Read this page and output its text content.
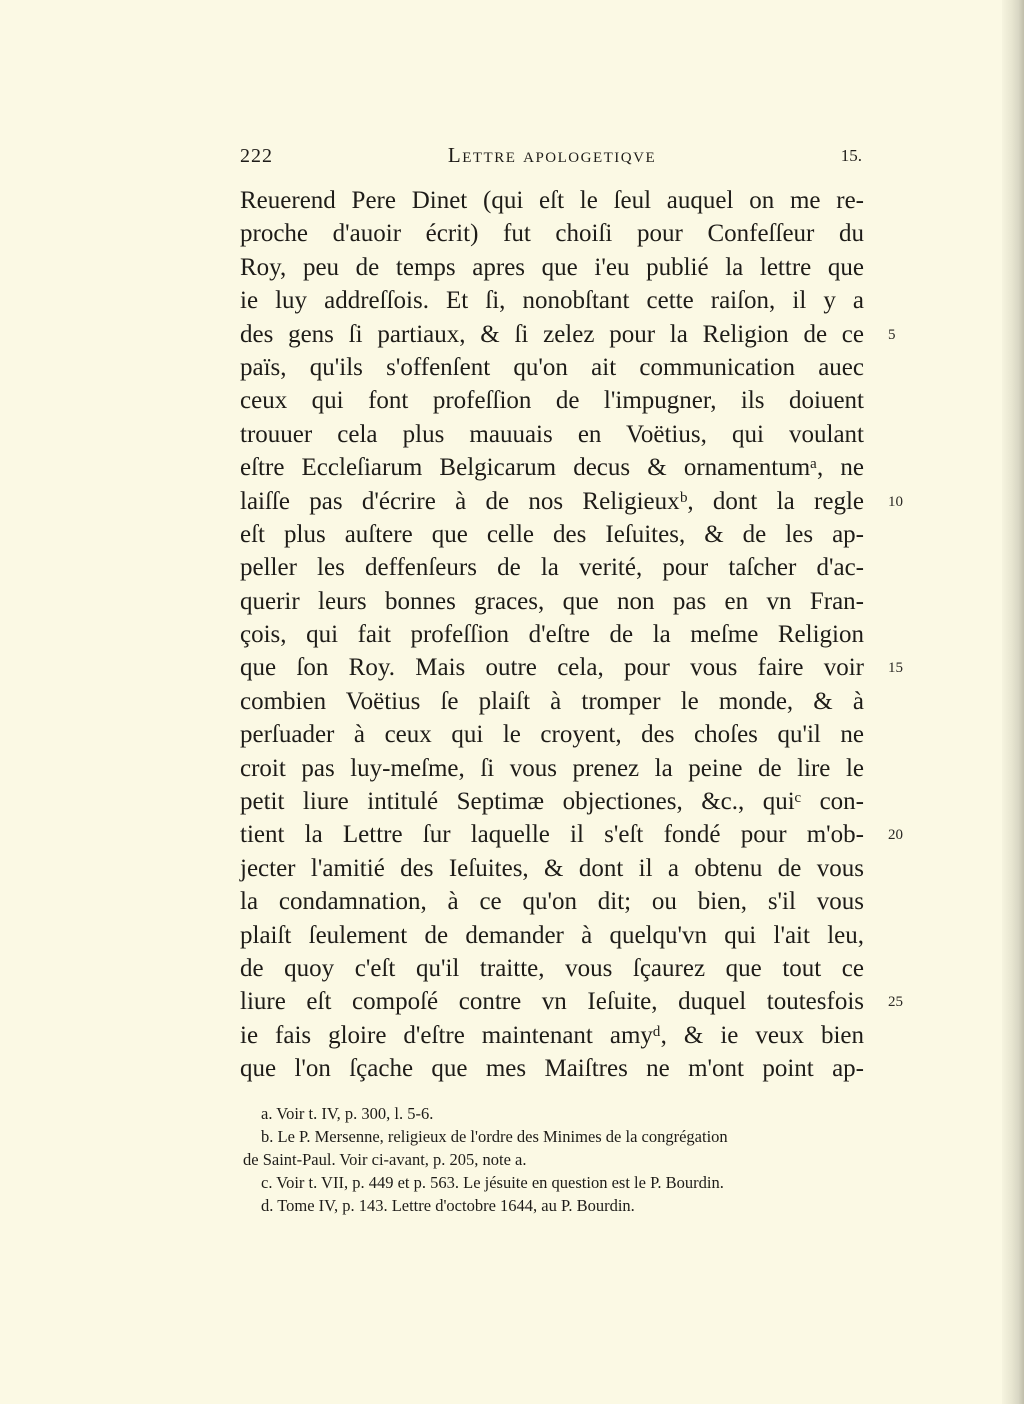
222	Lettre apologetiqve	15.
Reuerend Pere Dinet (qui eſt le ſeul auquel on me re-
proche d'auoir écrit) fut choiſi pour Confeſſeur du
Roy, peu de temps apres que i'eu publié la lettre que
ie luy addreſſois. Et ſi, nonobſtant cette raiſon, il y a
des gens ſi partiaux, & ſi zelez pour la Religion de ce 5
païs, qu'ils s'offenſent qu'on ait communication auec
ceux qui font profeſſion de l'impugner, ils doiuent
trouuer cela plus mauuais en Voëtius, qui voulant
eſtre Eccleſiarum Belgicarum decus & ornamentumᵃ, ne
laiſſe pas d'écrire à de nos Religieuxᵇ, dont la regle 10
eſt plus auſtere que celle des Ieſuites, & de les ap-
peller les deffenſeurs de la verité, pour taſcher d'ac-
querir leurs bonnes graces, que non pas en vn Fran-
çois, qui fait profeſſion d'eſtre de la meſme Religion
que ſon Roy. Mais outre cela, pour vous faire voir 15
combien Voëtius ſe plaiſt à tromper le monde, & à
perſuader à ceux qui le croyent, des choſes qu'il ne
croit pas luy-meſme, ſi vous prenez la peine de lire le
petit liure intitulé Septimæ objectiones, &c., quiᶜ con-
tient la Lettre ſur laquelle il s'eſt fondé pour m'ob- 20
jecter l'amitié des Ieſuites, & dont il a obtenu de vous
la condamnation, à ce qu'on dit; ou bien, s'il vous
plaiſt ſeulement de demander à quelqu'vn qui l'ait leu,
de quoy c'eſt qu'il traitte, vous ſçaurez que tout ce
liure eſt compoſé contre vn Ieſuite, duquel toutesfois 25
ie fais gloire d'eſtre maintenant amyᵈ, & ie veux bien
que l'on ſçache que mes Maiſtres ne m'ont point ap-
a. Voir t. IV, p. 300, l. 5-6.
b. Le P. Mersenne, religieux de l'ordre des Minimes de la congrégation
de Saint-Paul. Voir ci-avant, p. 205, note a.
c. Voir t. VII, p. 449 et p. 563. Le jésuite en question est le P. Bourdin.
d. Tome IV, p. 143. Lettre d'octobre 1644, au P. Bourdin.
